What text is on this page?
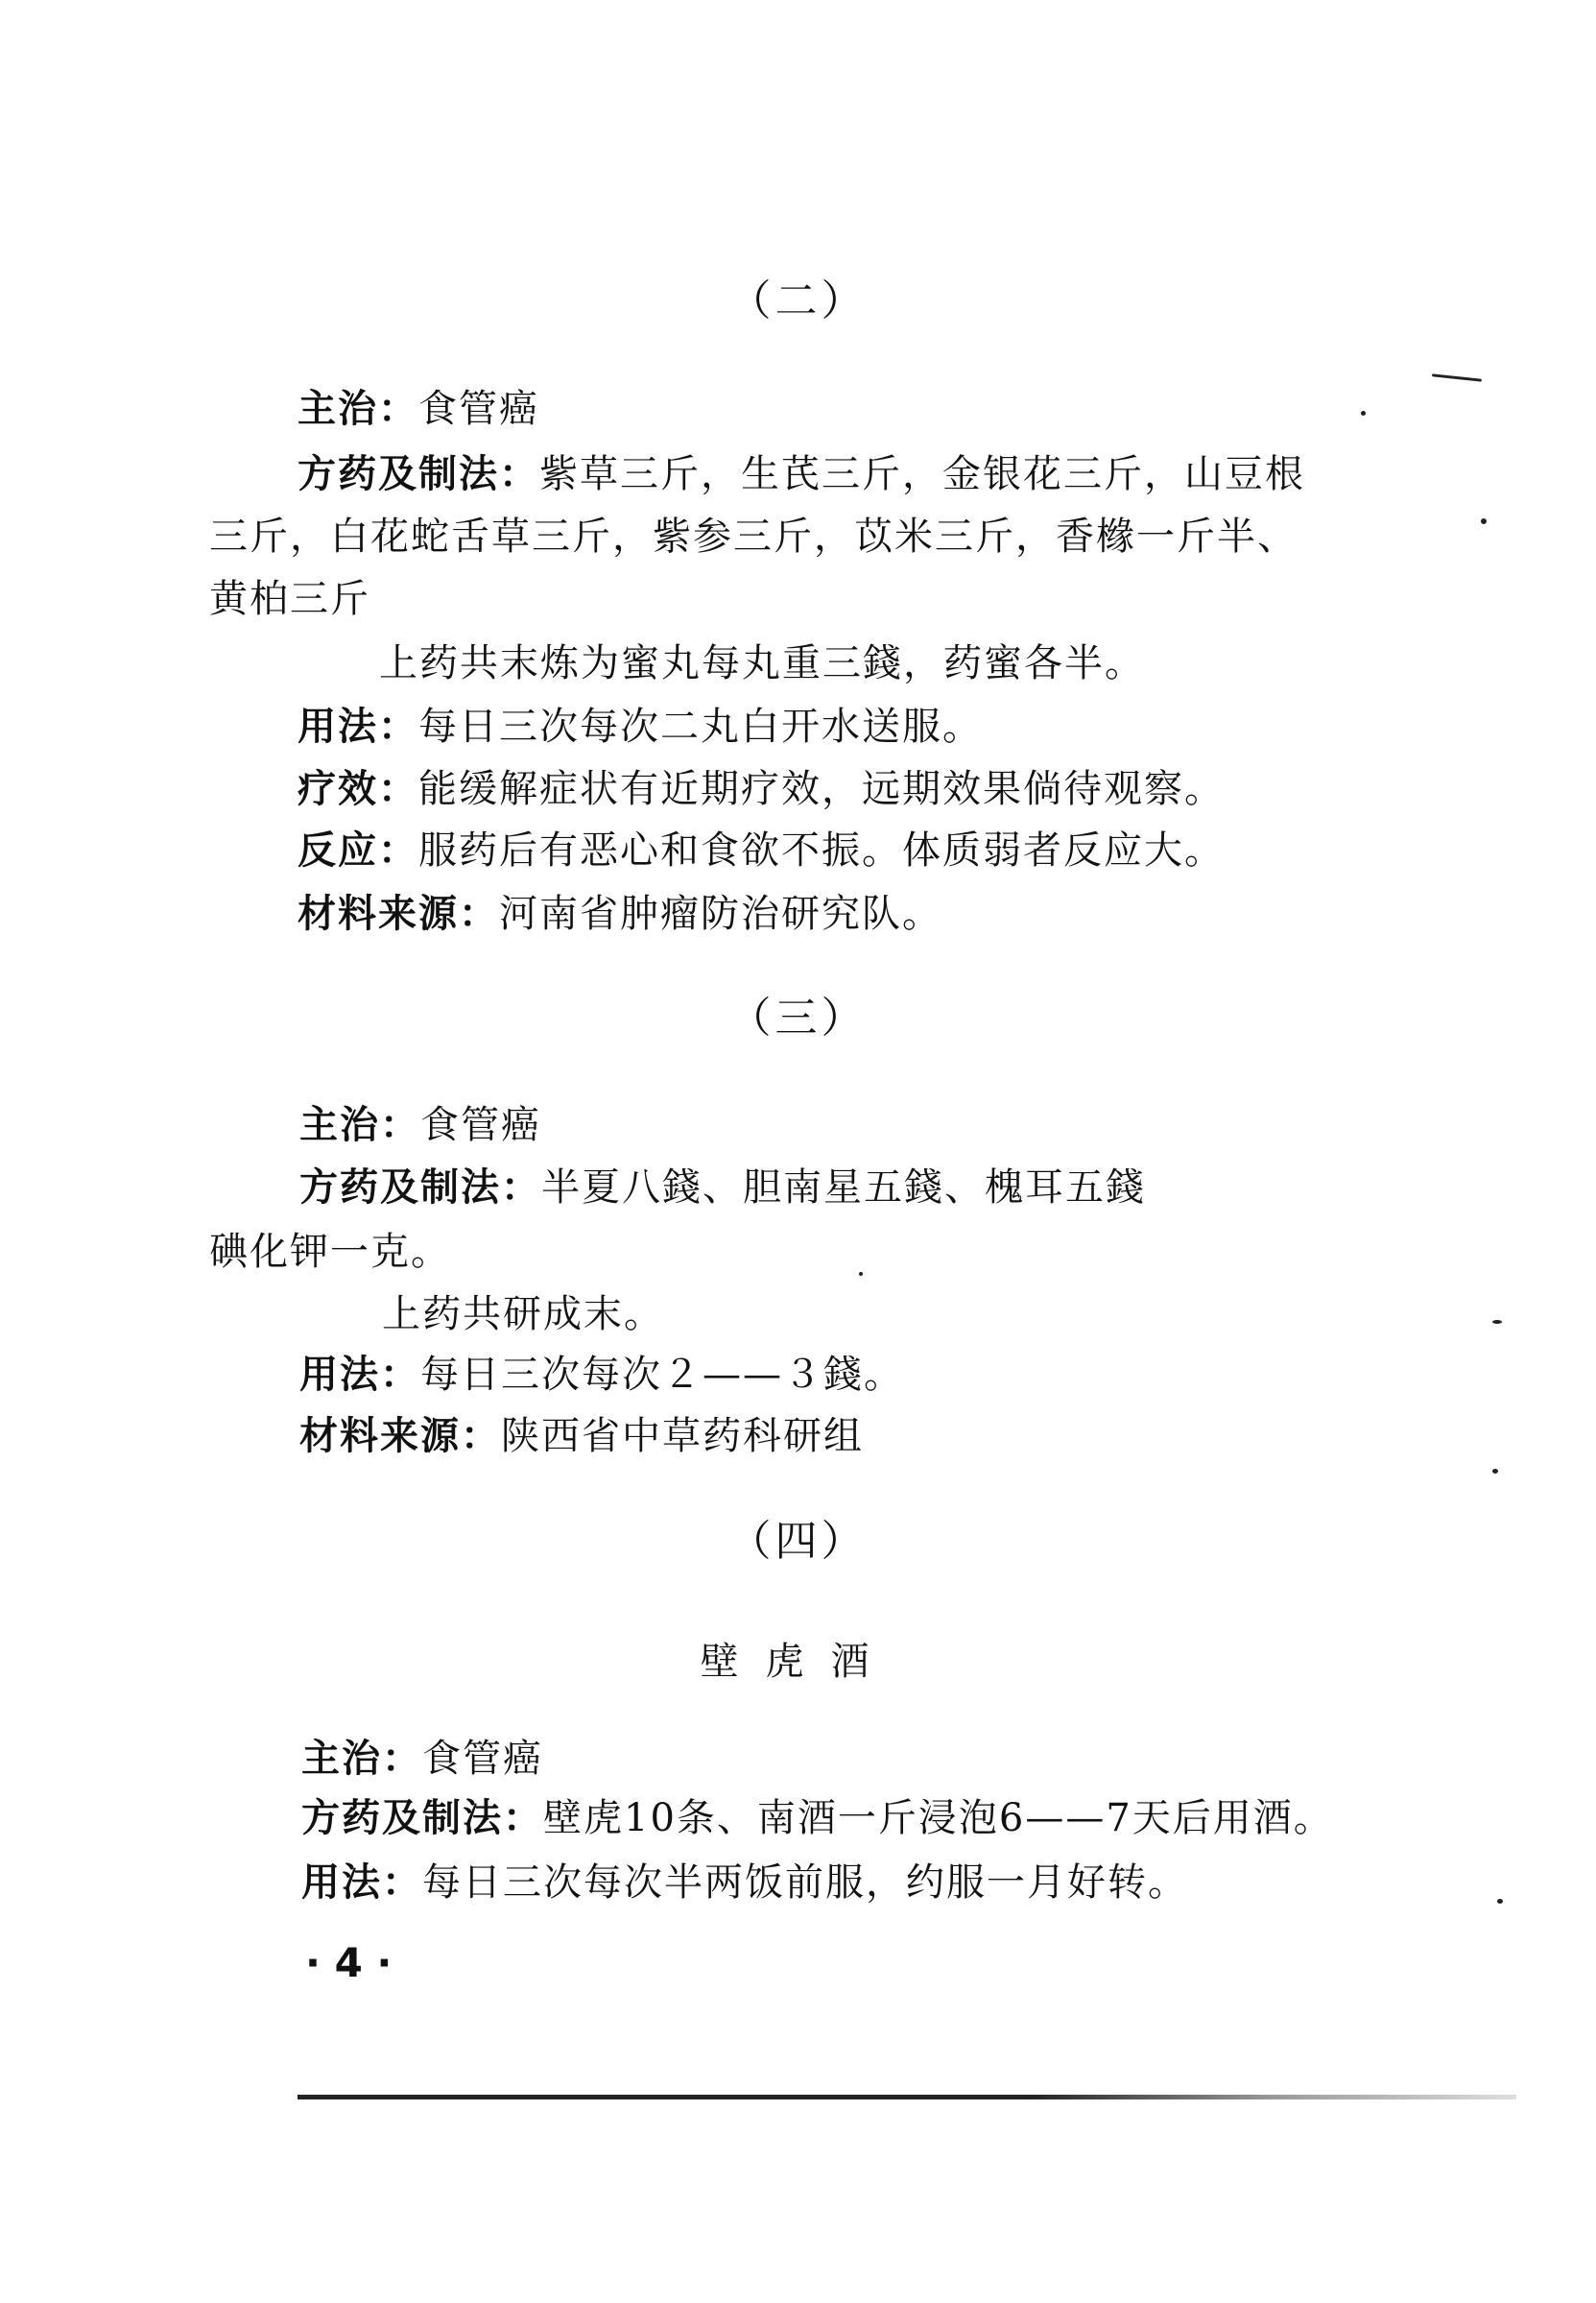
（二）
主治：食管癌
方药及制法：紫草三斤，生芪三斤，金银花三斤，山豆根
三斤，白花蛇舌草三斤，紫参三斤，苡米三斤，香橼一斤半、
黄柏三斤
上药共末炼为蜜丸每丸重三錢，药蜜各半。
用法：每日三次每次二丸白开水送服。
疗效：能缓解症状有近期疗效，远期效果倘待观察。
反应：服药后有恶心和食欲不振。体质弱者反应大。
材料来源：河南省肿瘤防治研究队。
（三）
主治：食管癌
方药及制法：半夏八錢、胆南星五錢、槐耳五錢
碘化钾一克。
上药共研成末。
用法：每日三次每次２——３錢。
材料来源：陕西省中草药科研组
（四）
壁虎酒
主治：食管癌
方药及制法：壁虎10条、南酒一斤浸泡6——7天后用酒。
用法：每日三次每次半两饭前服，约服一月好转。
· 4 ·
